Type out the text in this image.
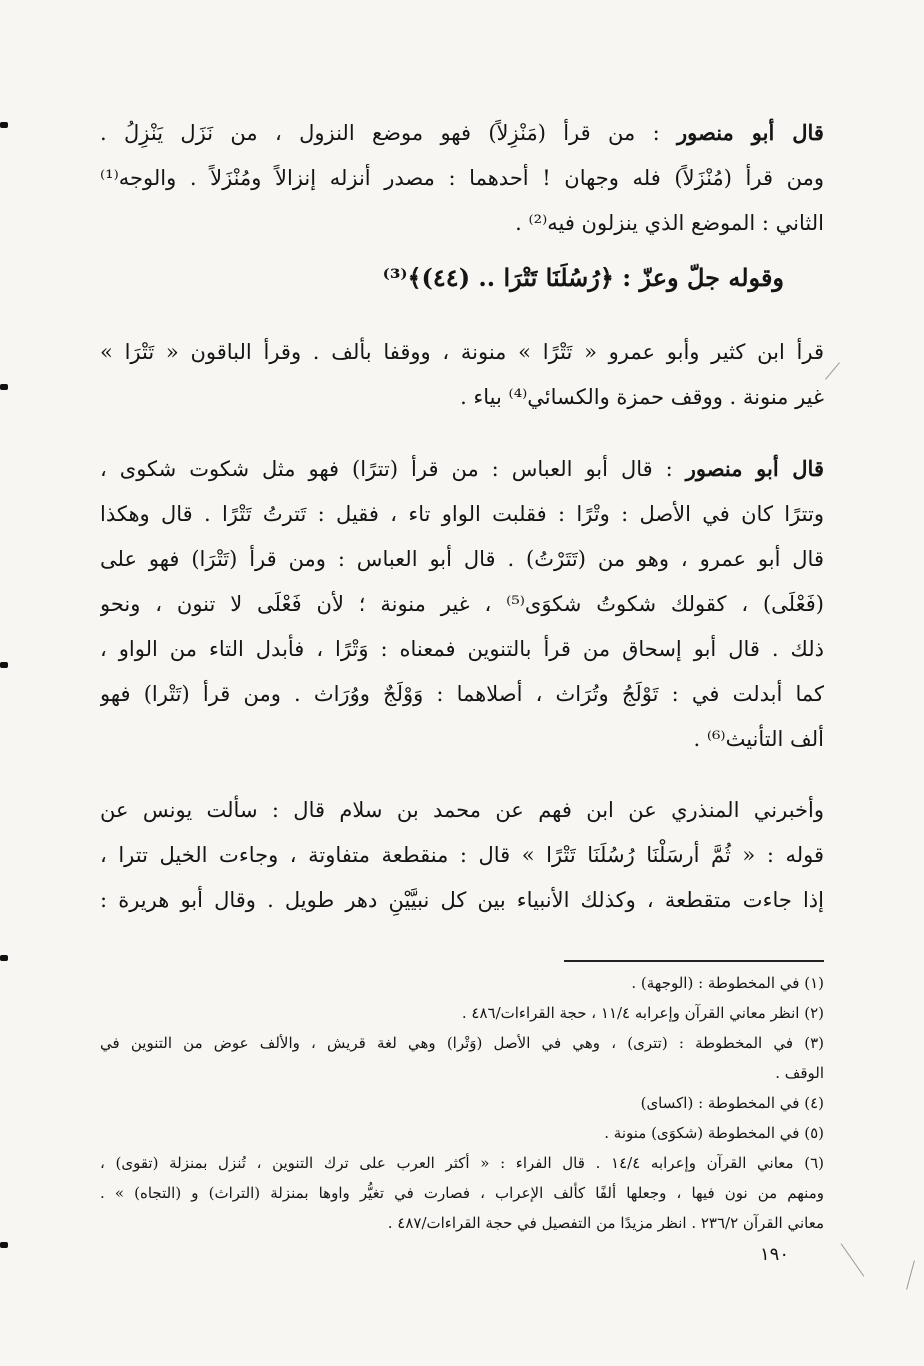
قال أبو منصور : من قرأ (مَنْزِلاً) فهو موضع النزول ، من نَزَل يَنْزِلُ .
ومن قرأ (مُنْزَلاً) فله وجهان ! أحدهما : مصدر أنزله إنزالاً ومُنْزَلاً . والوجه⁽¹⁾
الثاني : الموضع الذي ينزلون فيه⁽²⁾ .
وقوله جلّ وعزّ : ﴿رُسُلَنَا تَتْرَا .. (٤٤)﴾⁽³⁾
قرأ ابن كثير وأبو عمرو « تَتْرًا » منونة ، ووقفا بألف . وقرأ الباقون « تَتْرَا »
غير منونة . ووقف حمزة والكسائي⁽⁴⁾ بياء .
قال أبو منصور : قال أبو العباس : من قرأ (تترًا) فهو مثل شكوت شكوى ،
وتترًا كان في الأصل : وتْرًا : فقلبت الواو تاء ، فقيل : تَترتُ تَتْرًا . قال وهكذا
قال أبو عمرو ، وهو من (تَتَرْتُ) . قال أبو العباس : ومن قرأ (تَتْرَا) فهو على
(فَعْلَى) ، كقولك شكوتُ شكوَى⁽⁵⁾ ، غير منونة ؛ لأن فَعْلَى لا تنون ، ونحو
ذلك . قال أبو إسحاق من قرأ بالتنوين فمعناه : وَتْرًا ، فأبدل التاء من الواو ،
كما أبدلت في : تَوْلَجُ وتُرَاث ، أصلاهما : وَوْلَجٌ ووُرَاث . ومن قرأ (تَتْرا) فهو
ألف التأنيث⁽⁶⁾ .
وأخبرني المنذري عن ابن فهم عن محمد بن سلام قال : سألت يونس عن
قوله : « ثُمَّ أرسَلْنَا رُسُلَنَا تَتْرًا » قال : منقطعة متفاوتة ، وجاءت الخيل تترا ،
إذا جاءت متقطعة ، وكذلك الأنبياء بين كل نبيَّيْنِ دهر طويل . وقال أبو هريرة :
(١) في المخطوطة : (الوجهة) .
(٢) انظر معاني القرآن وإعرابه ١١/٤ ، حجة القراءات/٤٨٦ .
(٣) في المخطوطة : (تترى) ، وهي في الأصل (وَتْرا) وهي لغة قريش ، والألف عوض من التنوين في
الوقف .
(٤) في المخطوطة : (اكساى)
(٥) في المخطوطة (شكوَى) منونة .
(٦) معاني القرآن وإعرابه ١٤/٤ . قال الفراء : « أكثر العرب على ترك التنوين ، تُنزل بمنزلة (تقوى) ،
ومنهم من نون فيها ، وجعلها ألفًا كألف الإعراب ، فصارت في تغيُّر واوها بمنزلة (التراث) و (التجاه) » .
معاني القرآن ٢٣٦/٢ . انظر مزيدًا من التفصيل في حجة القراءات/٤٨٧ .
١٩٠
